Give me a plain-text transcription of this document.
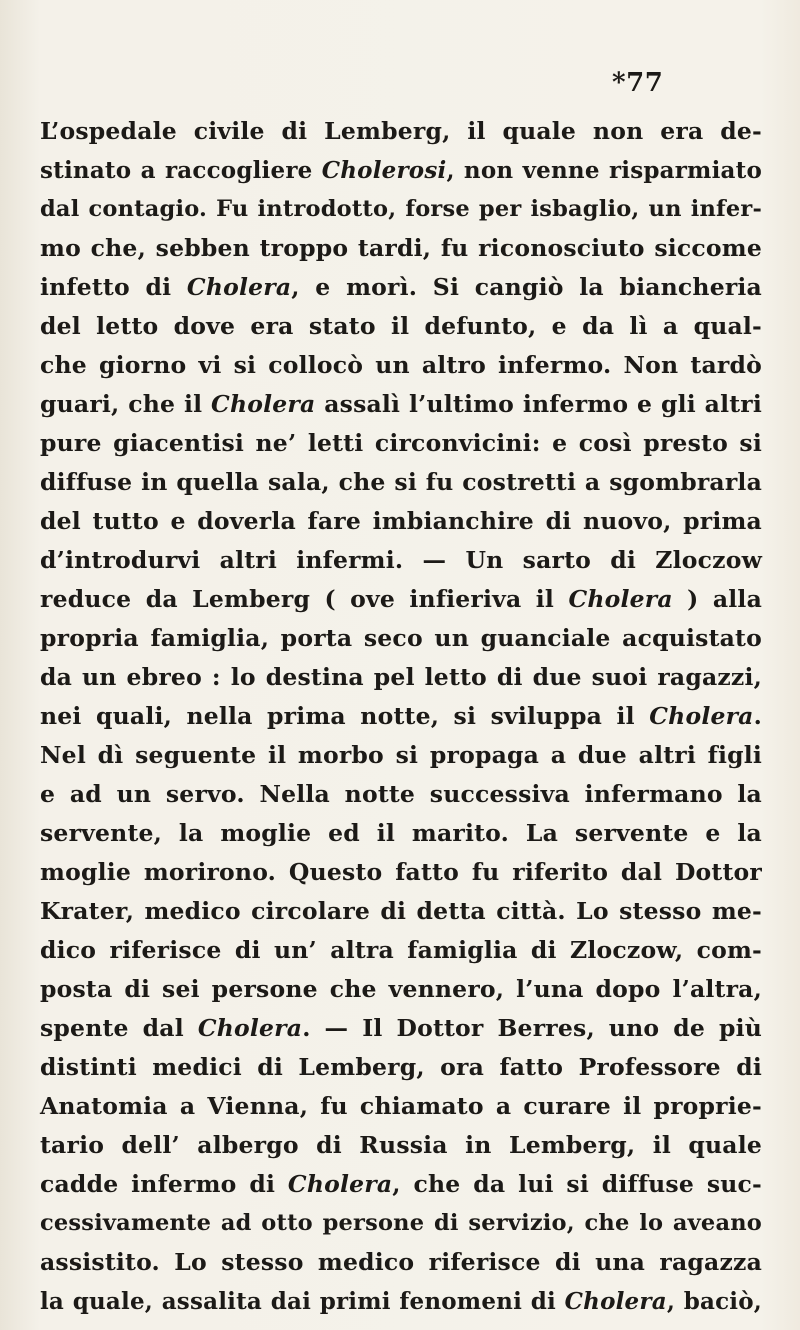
*77
L’ospedale civile di Lemberg, il quale non era de-
stinato a raccogliere Cholerosi, non venne risparmiato
dal contagio. Fu introdotto, forse per isbaglio, un infer-
mo che, sebben troppo tardi, fu riconosciuto siccome
infetto di Cholera, e morì. Si cangiò la biancheria
del letto dove era stato il defunto, e da lì a qual-
che giorno vi si collocò un altro infermo. Non tardò
guari, che il Cholera assalì l’ultimo infermo e gli altri
pure giacentisi ne’ letti circonvicini: e così presto si
diffuse in quella sala, che si fu costretti a sgombrarla
del tutto e doverla fare imbianchire di nuovo, prima
d’introdurvi altri infermi. — Un sarto di Zloczow
reduce da Lemberg ( ove infieriva il Cholera ) alla
propria famiglia, porta seco un guanciale acquistato
da un ebreo : lo destina pel letto di due suoi ragazzi,
nei quali, nella prima notte, si sviluppa il Cholera.
Nel dì seguente il morbo si propaga a due altri figli
e ad un servo. Nella notte successiva infermano la
servente, la moglie ed il marito. La servente e la
moglie morirono. Questo fatto fu riferito dal Dottor
Krater, medico circolare di detta città. Lo stesso me-
dico riferisce di un’ altra famiglia di Zloczow, com-
posta di sei persone che vennero, l’una dopo l’altra,
spente dal Cholera. — Il Dottor Berres, uno de più
distinti medici di Lemberg, ora fatto Professore di
Anatomia a Vienna, fu chiamato a curare il proprie-
tario dell’ albergo di Russia in Lemberg, il quale
cadde infermo di Cholera, che da lui si diffuse suc-
cessivamente ad otto persone di servizio, che lo aveano
assistito. Lo stesso medico riferisce di una ragazza
la quale, assalita dai primi fenomeni di Cholera, baciò,
